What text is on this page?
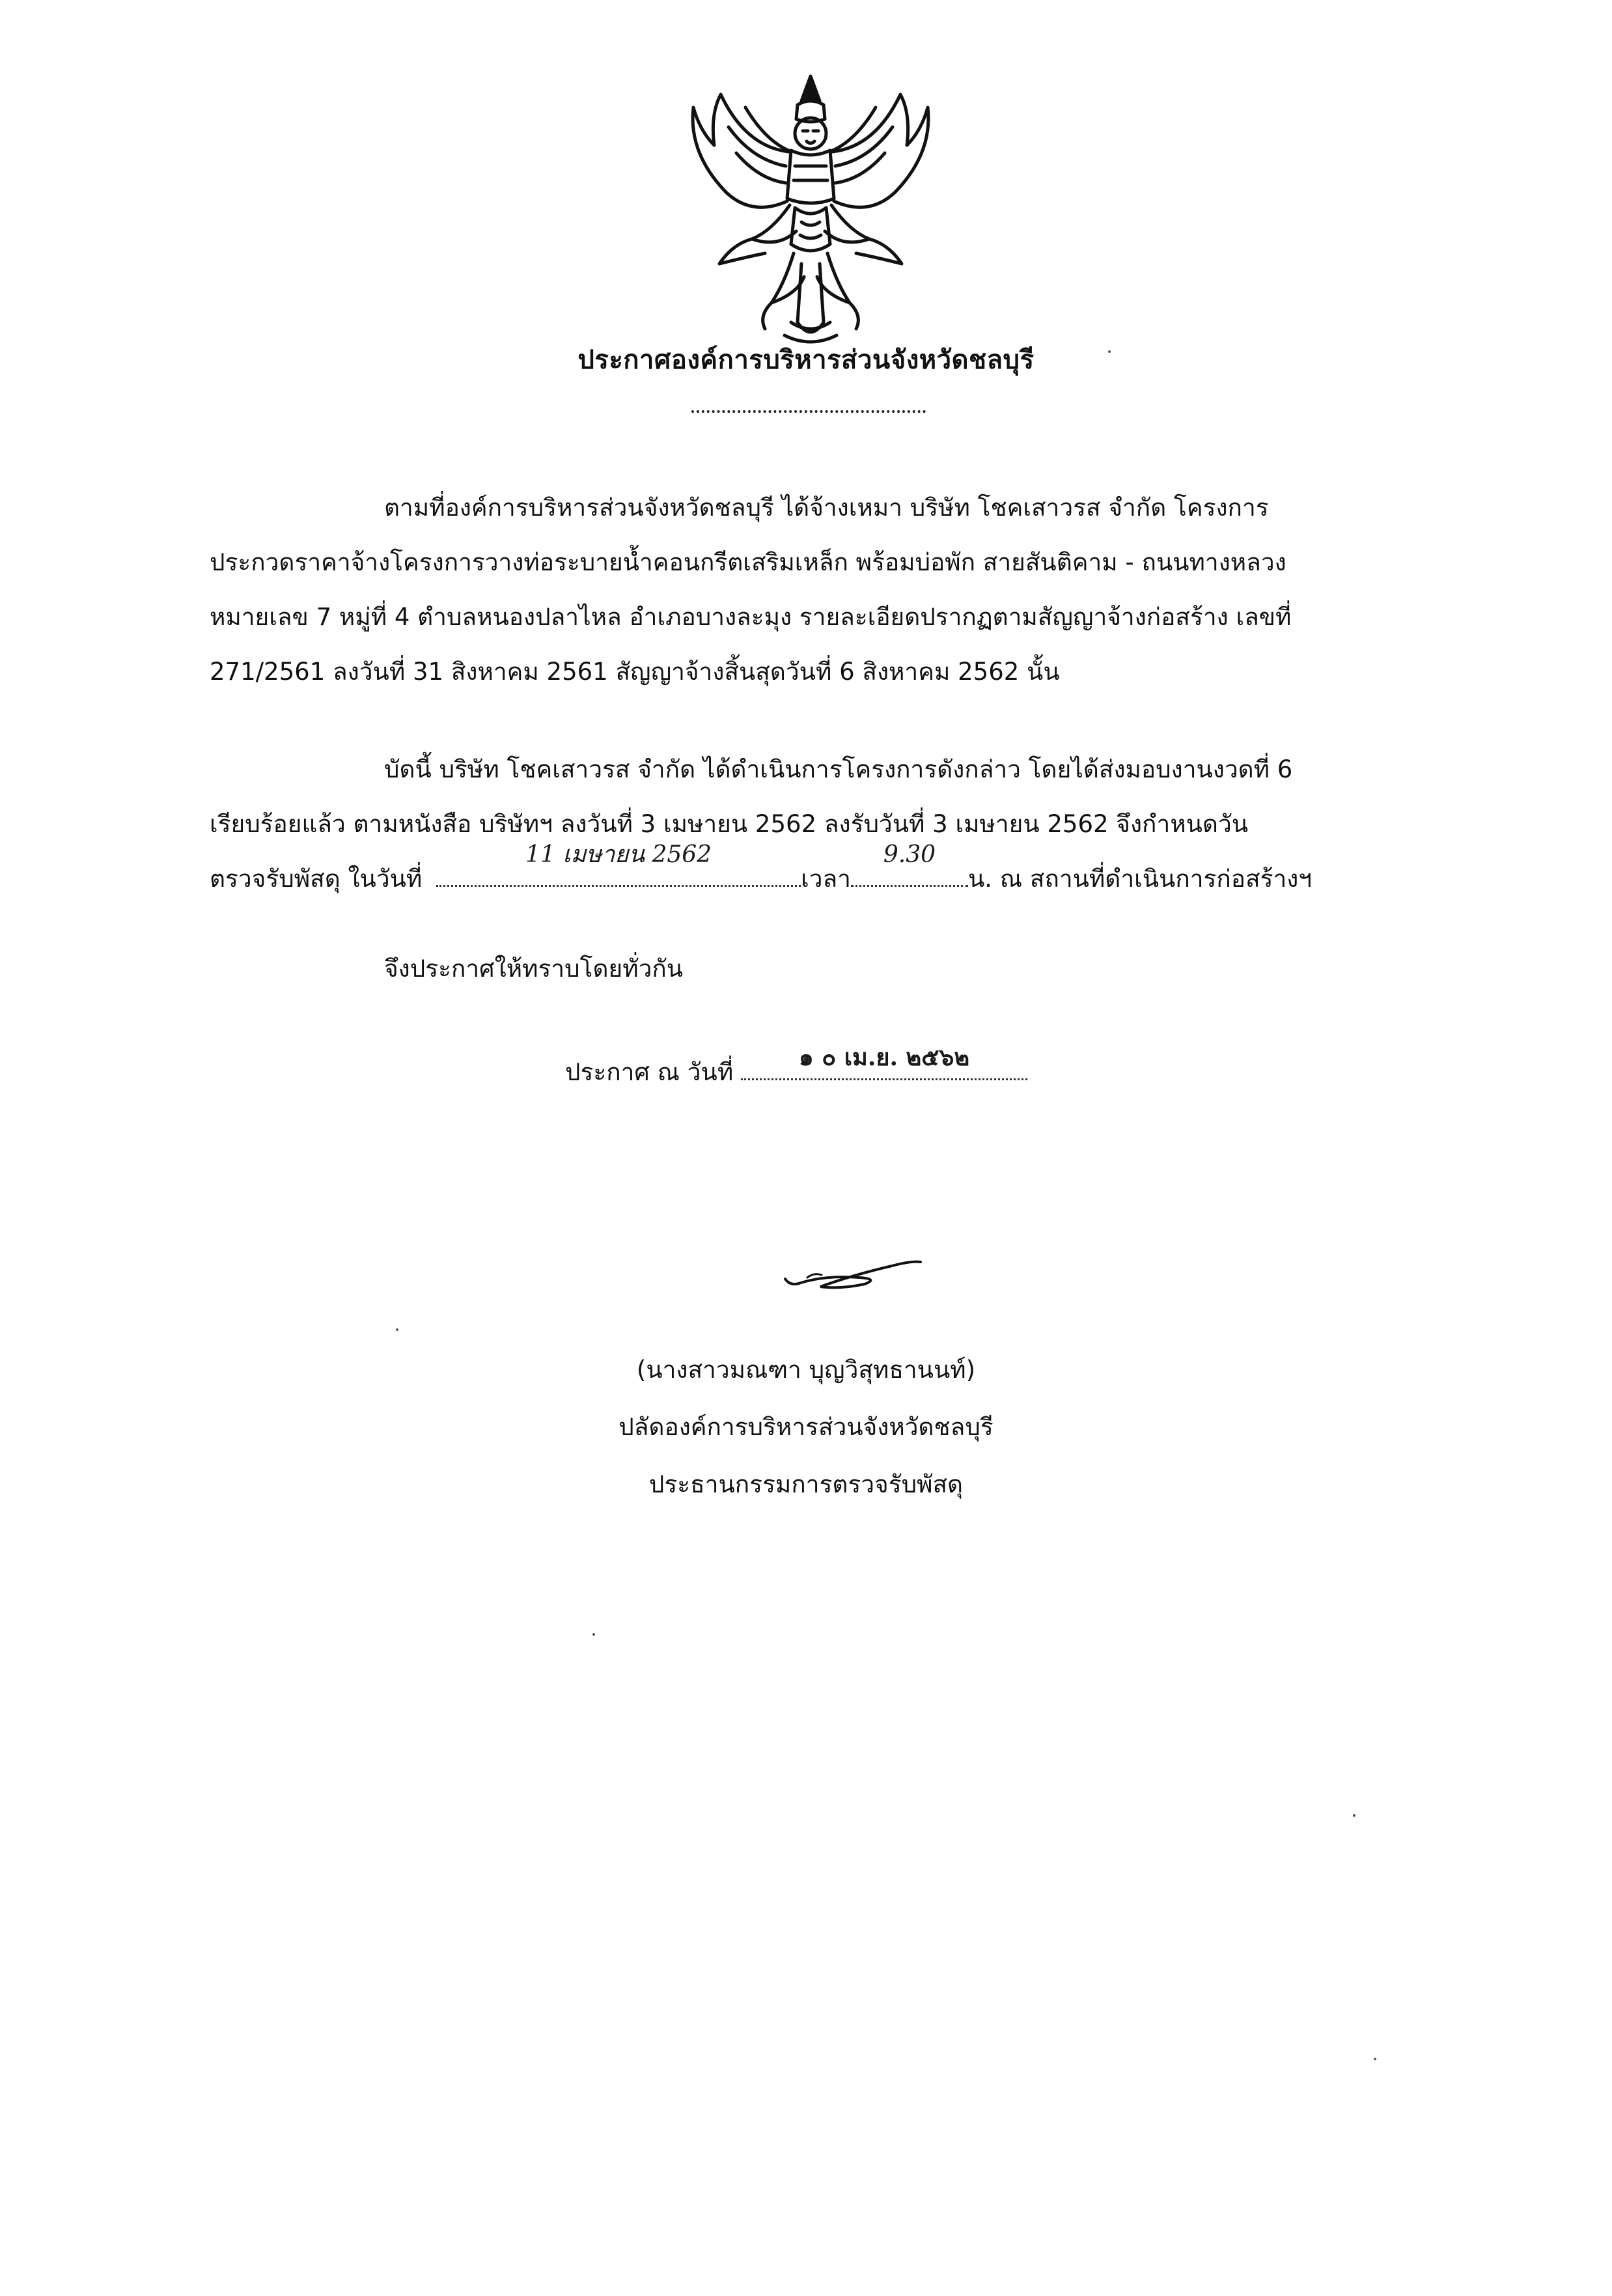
ประกาศองค์การบริหารส่วนจังหวัดชลบุรี
ตามที่องค์การบริหารส่วนจังหวัดชลบุรี ได้จ้างเหมา บริษัท โชคเสาวรส จำกัด โครงการ
ประกวดราคาจ้างโครงการวางท่อระบายน้ำคอนกรีตเสริมเหล็ก พร้อมบ่อพัก สายสันติคาม - ถนนทางหลวง
หมายเลข 7 หมู่ที่ 4 ตำบลหนองปลาไหล อำเภอบางละมุง รายละเอียดปรากฏตามสัญญาจ้างก่อสร้าง เลขที่
271/2561 ลงวันที่ 31 สิงหาคม 2561 สัญญาจ้างสิ้นสุดวันที่ 6 สิงหาคม 2562 นั้น
บัดนี้ บริษัท โชคเสาวรส จำกัด ได้ดำเนินการโครงการดังกล่าว โดยได้ส่งมอบงานงวดที่ 6
เรียบร้อยแล้ว ตามหนังสือ บริษัทฯ ลงวันที่ 3 เมษายน 2562 ลงรับวันที่ 3 เมษายน 2562 จึงกำหนดวัน
ตรวจรับพัสดุ ในวันที่
11 เมษายน 2562
เวลา
9.30
น. ณ สถานที่ดำเนินการก่อสร้างฯ
จึงประกาศให้ทราบโดยทั่วกัน
ประกาศ ณ วันที่
๑ ๐ เม.ย. ๒๕๖๒
(นางสาวมณฑา บุญวิสุทธานนท์)
ปลัดองค์การบริหารส่วนจังหวัดชลบุรี
ประธานกรรมการตรวจรับพัสดุ
